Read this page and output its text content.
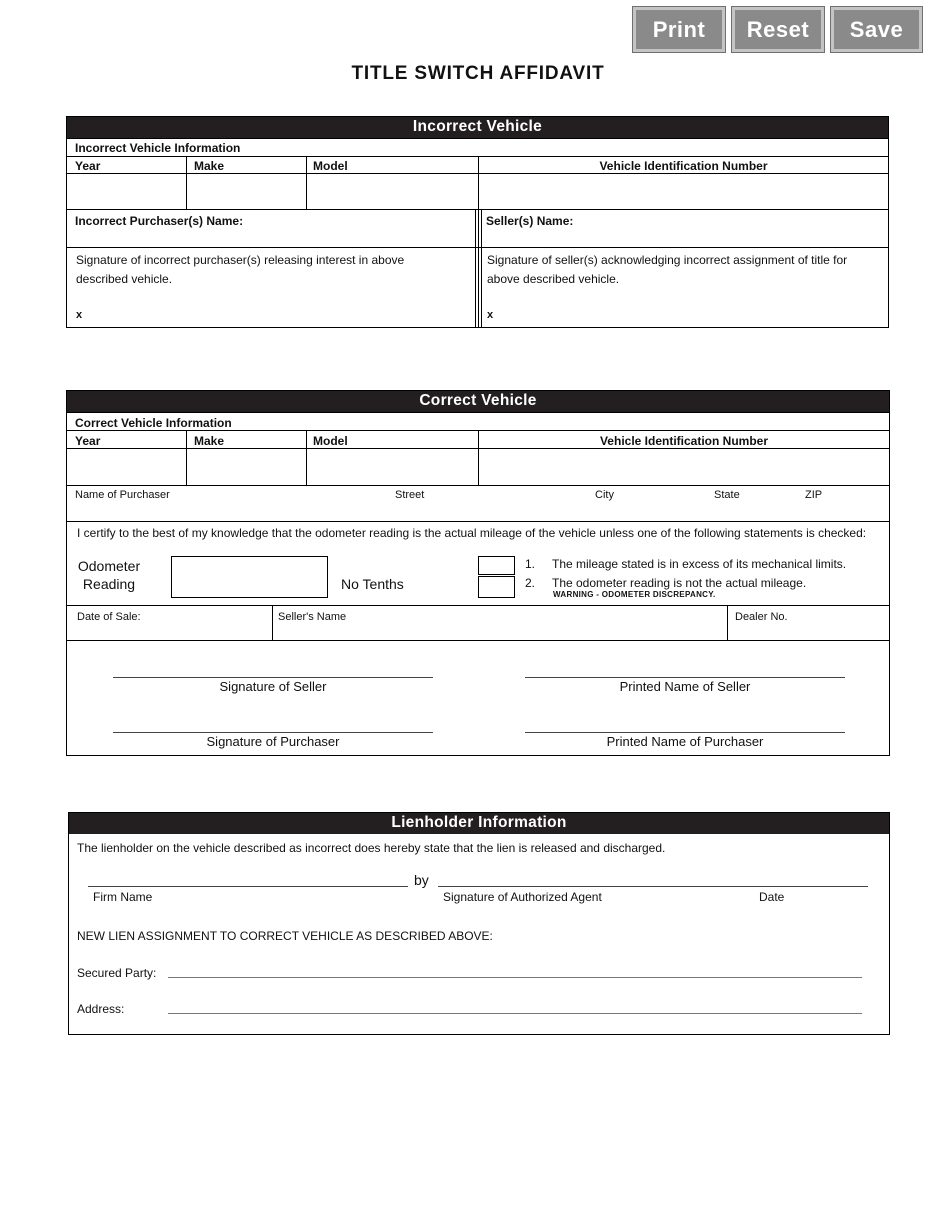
Print	Reset	Save
TITLE SWITCH AFFIDAVIT
Incorrect Vehicle
Incorrect Vehicle Information
Year	Make	Model	Vehicle Identification Number
Incorrect Purchaser(s) Name:	Seller(s) Name:
Signature of incorrect purchaser(s) releasing interest in above described vehicle.
x
Signature of seller(s) acknowledging incorrect assignment of title for above described vehicle.
x
Correct Vehicle
Correct Vehicle Information
Year	Make	Model	Vehicle Identification Number
Name of Purchaser	Street	City	State	ZIP
I certify to the best of my knowledge that the odometer reading is the actual mileage of the vehicle unless one of the following statements is checked:
Odometer
Reading	No Tenths
1. The mileage stated is in excess of its mechanical limits.
2. The odometer reading is not the actual mileage.
WARNING - ODOMETER DISCREPANCY.
Date of Sale:	Seller's Name	Dealer No.
Signature of Seller	Printed Name of Seller
Signature of Purchaser	Printed Name of Purchaser
Lienholder Information
The lienholder on the vehicle described as incorrect does hereby state that the lien is released and discharged.
by
Firm Name	Signature of Authorized Agent	Date
NEW LIEN ASSIGNMENT TO CORRECT VEHICLE AS DESCRIBED ABOVE:
Secured Party:
Address:
